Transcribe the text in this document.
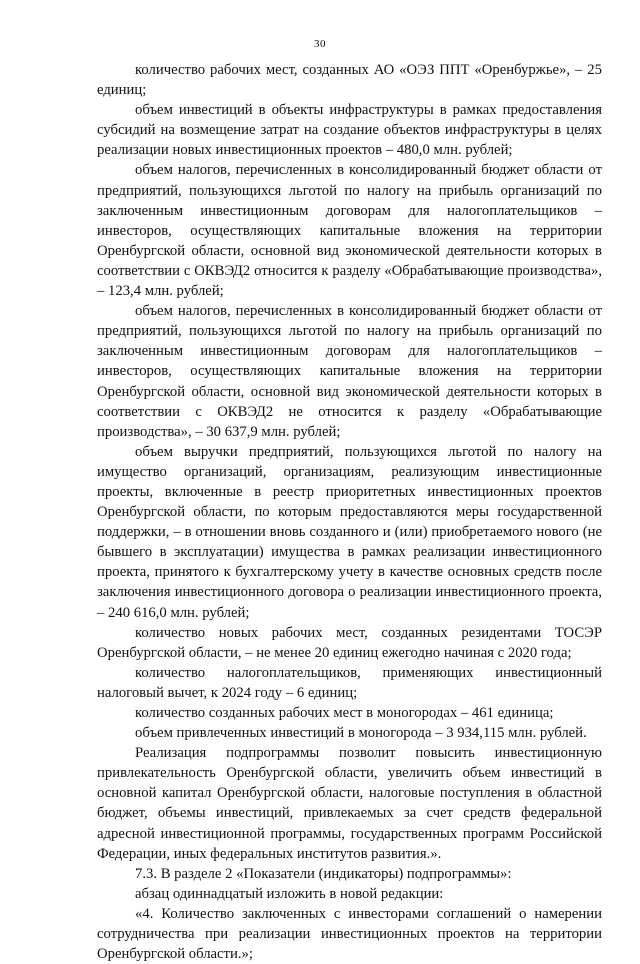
30

количество рабочих мест, созданных АО «ОЭЗ ППТ «Оренбуржье», – 25 единиц;

объем инвестиций в объекты инфраструктуры в рамках предоставления субсидий на возмещение затрат на создание объектов инфраструктуры в целях реализации новых инвестиционных проектов – 480,0 млн. рублей;

объем налогов, перечисленных в консолидированный бюджет области от предприятий, пользующихся льготой по налогу на прибыль организаций по заключенным инвестиционным договорам для налогоплательщиков – инвесторов, осуществляющих капитальные вложения на территории Оренбургской области, основной вид экономической деятельности которых в соответствии с ОКВЭД2 относится к разделу «Обрабатывающие производства», – 123,4 млн. рублей;

объем налогов, перечисленных в консолидированный бюджет области от предприятий, пользующихся льготой по налогу на прибыль организаций по заключенным инвестиционным договорам для налогоплательщиков – инвесторов, осуществляющих капитальные вложения на территории Оренбургской области, основной вид экономической деятельности которых в соответствии с ОКВЭД2 не относится к разделу «Обрабатывающие производства», – 30 637,9 млн. рублей;

объем выручки предприятий, пользующихся льготой по налогу на имущество организаций, организациям, реализующим инвестиционные проекты, включенные в реестр приоритетных инвестиционных проектов Оренбургской области, по которым предоставляются меры государственной поддержки, – в отношении вновь созданного и (или) приобретаемого нового (не бывшего в эксплуатации) имущества в рамках реализации инвестиционного проекта, принятого к бухгалтерскому учету в качестве основных средств после заключения инвестиционного договора о реализации инвестиционного проекта, – 240 616,0 млн. рублей;

количество новых рабочих мест, созданных резидентами ТОСЭР Оренбургской области, – не менее 20 единиц ежегодно начиная с 2020 года;

количество налогоплательщиков, применяющих инвестиционный налоговый вычет, к 2024 году – 6 единиц;

количество созданных рабочих мест в моногородах – 461 единица;

объем привлеченных инвестиций в моногорода – 3 934,115 млн. рублей.

Реализация подпрограммы позволит повысить инвестиционную привлекательность Оренбургской области, увеличить объем инвестиций в основной капитал Оренбургской области, налоговые поступления в областной бюджет, объемы инвестиций, привлекаемых за счет средств федеральной адресной инвестиционной программы, государственных программ Российской Федерации, иных федеральных институтов развития.».

7.3. В разделе 2 «Показатели (индикаторы) подпрограммы»:

абзац одиннадцатый изложить в новой редакции:

«4. Количество заключенных с инвесторами соглашений о намерении сотрудничества при реализации инвестиционных проектов на территории Оренбургской области.»;
